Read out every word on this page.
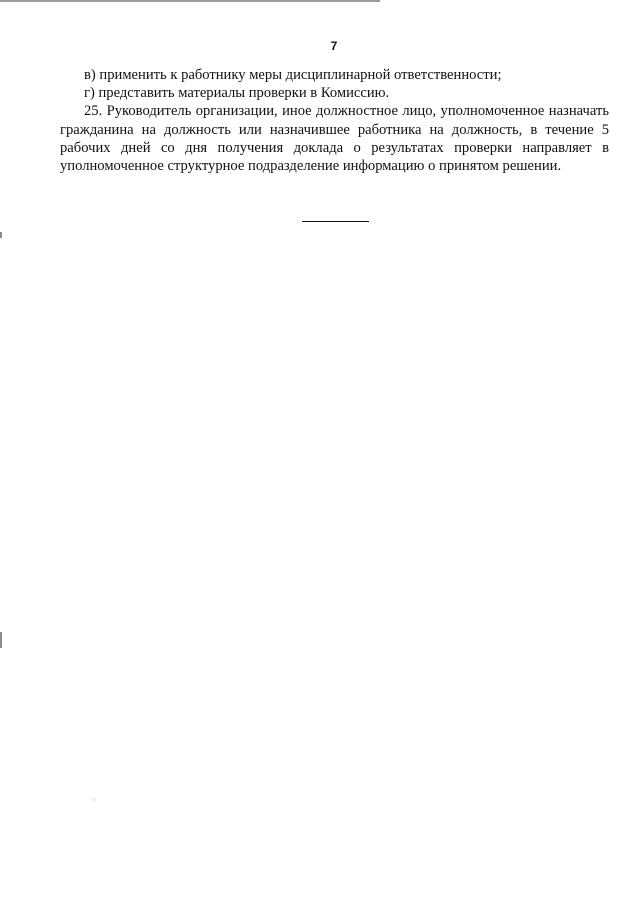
7

в) применить к работнику меры дисциплинарной ответственности;

г) представить материалы проверки в Комиссию.

25. Руководитель организации, иное должностное лицо, уполномоченное назначать гражданина на должность или назначившее работника на должность, в течение 5 рабочих дней со дня получения доклада о результатах проверки направляет в уполномоченное структурное подразделение информацию о принятом решении.
